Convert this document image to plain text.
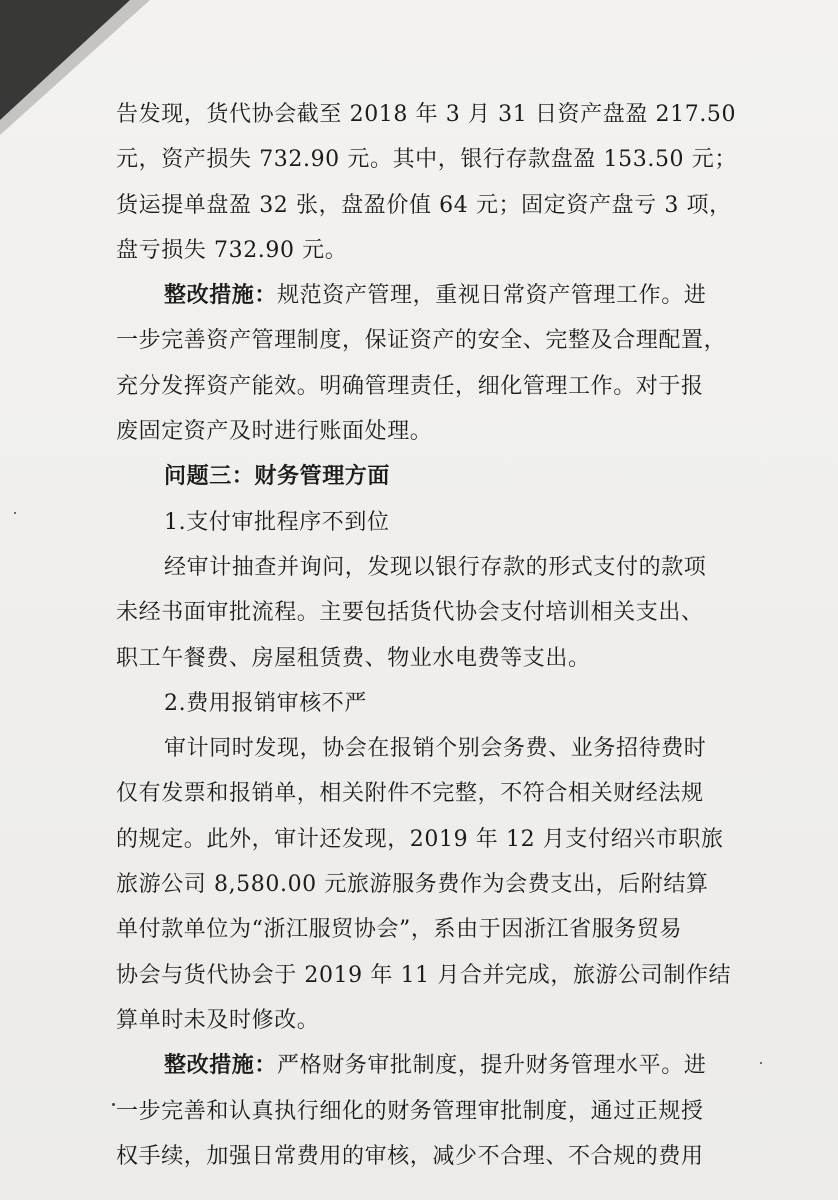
告发现，货代协会截至 2018 年 3 月 31 日资产盘盈 217.50
元，资产损失 732.90 元。其中，银行存款盘盈 153.50 元；
货运提单盘盈 32 张，盘盈价值 64 元；固定资产盘亏 3 项，
盘亏损失 732.90 元。
整改措施：规范资产管理，重视日常资产管理工作。进
一步完善资产管理制度，保证资产的安全、完整及合理配置，
充分发挥资产能效。明确管理责任，细化管理工作。对于报
废固定资产及时进行账面处理。
问题三：财务管理方面
1.支付审批程序不到位
经审计抽查并询问，发现以银行存款的形式支付的款项
未经书面审批流程。主要包括货代协会支付培训相关支出、
职工午餐费、房屋租赁费、物业水电费等支出。
2.费用报销审核不严
审计同时发现，协会在报销个别会务费、业务招待费时
仅有发票和报销单，相关附件不完整，不符合相关财经法规
的规定。此外，审计还发现，2019 年 12 月支付绍兴市职旅
旅游公司 8,580.00 元旅游服务费作为会费支出，后附结算
单付款单位为“浙江服贸协会”，系由于因浙江省服务贸易
协会与货代协会于 2019 年 11 月合并完成，旅游公司制作结
算单时未及时修改。
整改措施：严格财务审批制度，提升财务管理水平。进
一步完善和认真执行细化的财务管理审批制度，通过正规授
权手续，加强日常费用的审核，减少不合理、不合规的费用
